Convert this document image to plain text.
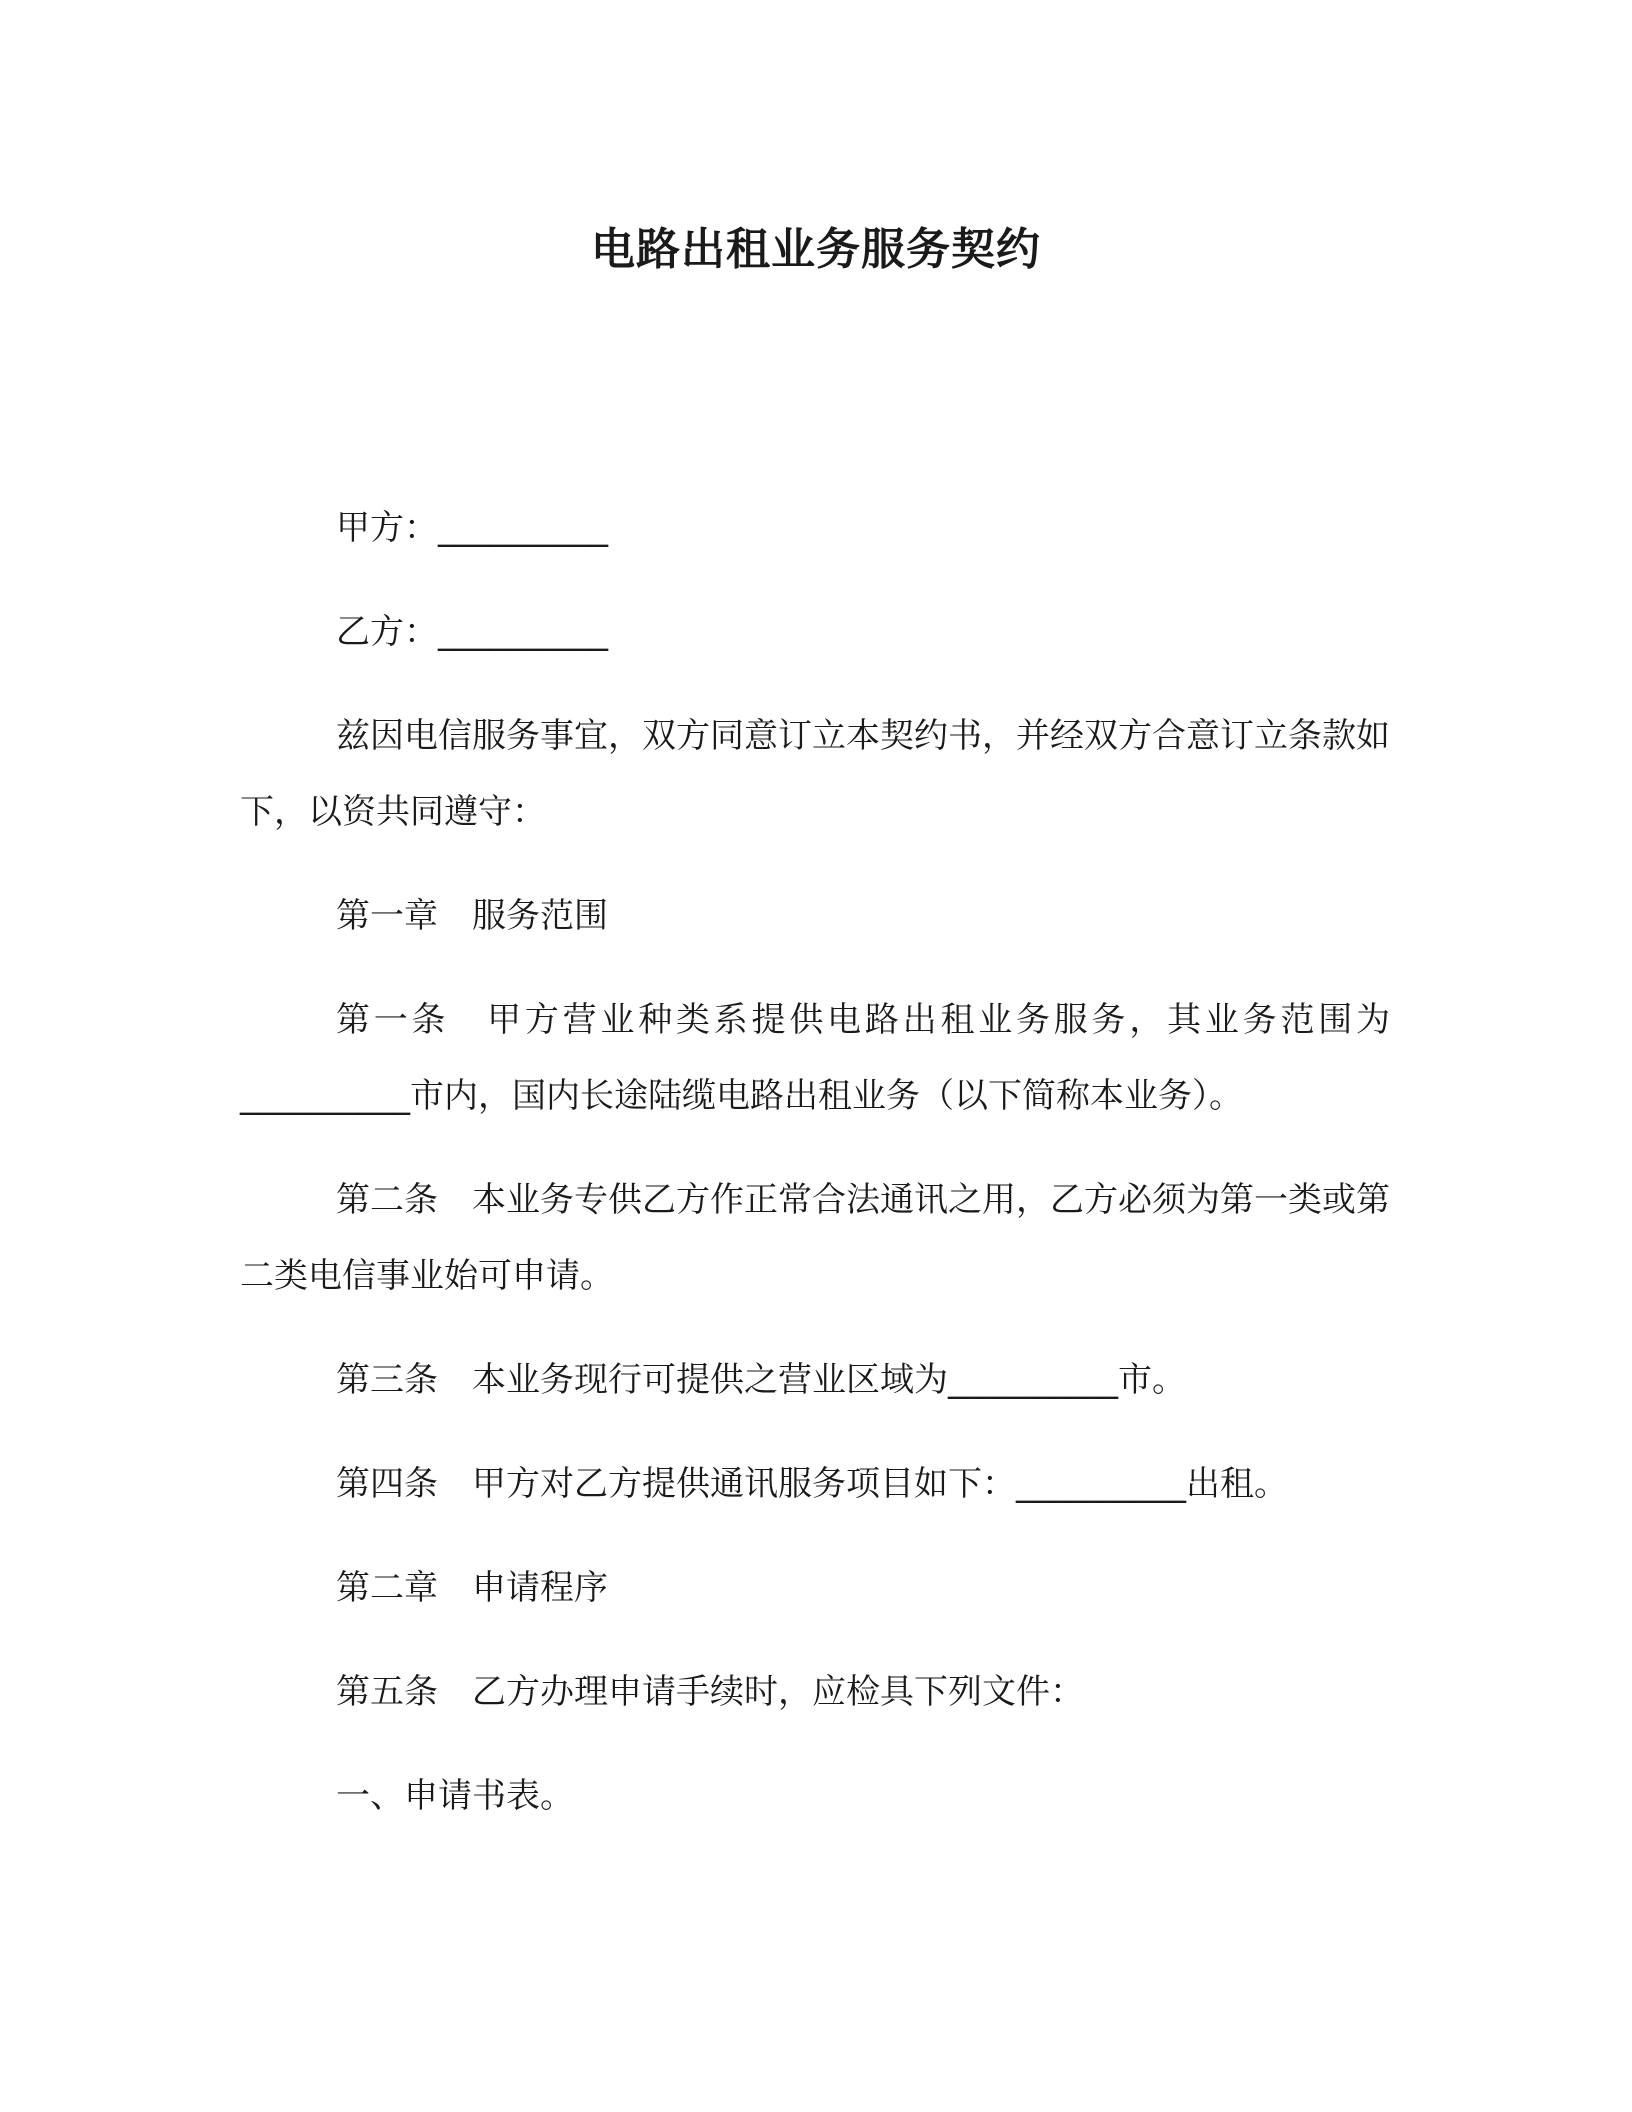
电路出租业务服务契约

甲方：__________

乙方：__________

兹因电信服务事宜，双方同意订立本契约书，并经双方合意订立条款如下，以资共同遵守：

第一章　服务范围

第一条　甲方营业种类系提供电路出租业务服务，其业务范围为__________市内，国内长途陆缆电路出租业务（以下简称本业务）。

第二条　本业务专供乙方作正常合法通讯之用，乙方必须为第一类或第二类电信事业始可申请。

第三条　本业务现行可提供之营业区域为__________市。

第四条　甲方对乙方提供通讯服务项目如下：__________出租。

第二章　申请程序

第五条　乙方办理申请手续时，应检具下列文件：

一、申请书表。
